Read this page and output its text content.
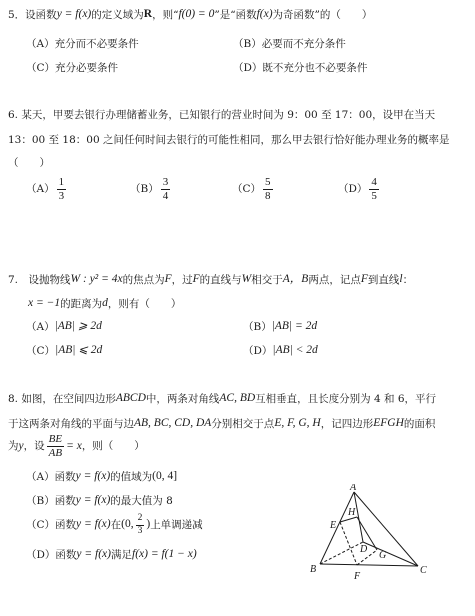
5．设函数 y = f(x) 的定义域为 R ，则“ f(0) = 0 ”是“函数 f(x) 为奇函数”的（　　）
（A）充分而不必要条件	（B）必要而不充分条件
（C）充分必要条件	（D）既不充分也不必要条件
6. 某天，甲要去银行办理储蓄业务，已知银行的营业时间为 9：00 至 17：00，设甲在当天
13：00 至 18：00 之间任何时间去银行的可能性相同，那么甲去银行恰好能办理业务的概率是
（　　）
$(A) \frac{1}{3}$	$(B) \frac{3}{4}$	$(C) \frac{5}{8}$	$(D) \frac{4}{5}$
7.　设抛物线 W : y² = 4x 的焦点为 F ，过 F 的直线与 W 相交于 A，B 两点，记点 F 到直线 l ：
x = −1 的距离为 d ，则有（　　）
（A） |AB| ⩾ 2d	（B） |AB| = 2d
（C） |AB| ⩽ 2d	（D） |AB| < 2d
8. 如图，在空间四边形 ABCD 中，两条对角线 AC, BD 互相垂直，且长度分别为 4 和 6，平行
于这两条对角线的平面与边 AB, BC, CD, DA 分别相交于点 E, F, G, H ，记四边形 EFGH 的面积
为 y ，设 $\frac{BE}{AB} = x$ ，则（　　）
（A）函数 y = f(x) 的值域为 (0, 4]
（B）函数 y = f(x) 的最大值为 8
（C）函数 y = f(x) 在 (0, $\frac{2}{3}$ ) 上单调递减
（D）函数 y = f(x) 满足 f(x) = f(1 − x)
A
B	C
D
E
F
G
H
